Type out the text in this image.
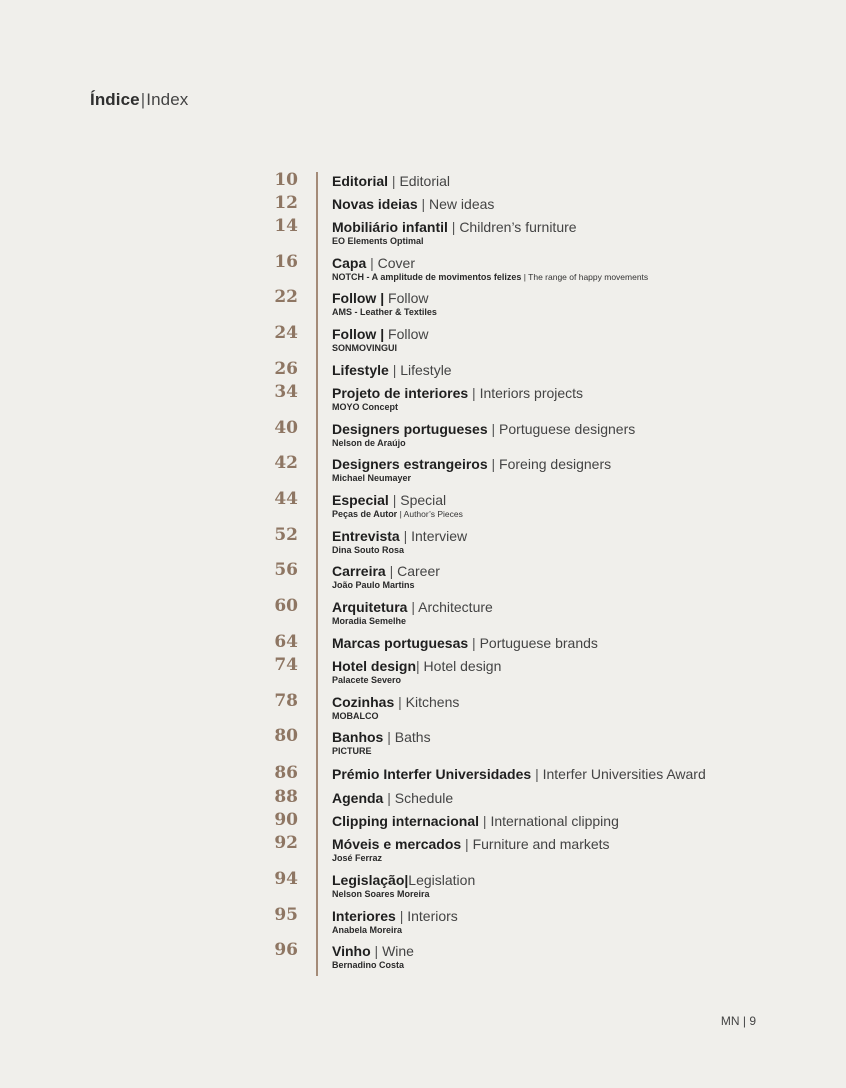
Índice|Index
10 Editorial | Editorial
12 Novas ideias | New ideas
14 Mobiliário infantil | Children’s furniture
EO Elements Optimal
16 Capa | Cover
NOTCH - A amplitude de movimentos felizes | The range of happy movements
22 Follow | Follow
AMS - Leather & Textiles
24 Follow | Follow
SONMOVINGUI
26 Lifestyle | Lifestyle
34 Projeto de interiores | Interiors projects
MOYO Concept
40 Designers portugueses | Portuguese designers
Nelson de Araújo
42 Designers estrangeiros | Foreing designers
Michael Neumayer
44 Especial | Special
Peças de Autor | Author’s Pieces
52 Entrevista | Interview
Dina Souto Rosa
56 Carreira | Career
João Paulo Martins
60 Arquitetura | Architecture
Moradia Semelhe
64 Marcas portuguesas | Portuguese brands
74 Hotel design| Hotel design
Palacete Severo
78 Cozinhas | Kitchens
MOBALCO
80 Banhos | Baths
PICTURE
86 Prémio Interfer Universidades | Interfer Universities Award
88 Agenda | Schedule
90 Clipping internacional | International clipping
92 Móveis e mercados | Furniture and markets
José Ferraz
94 Legislação|Legislation
Nelson Soares Moreira
95 Interiores | Interiors
Anabela Moreira
96 Vinho | Wine
Bernadino Costa
MN | 9
